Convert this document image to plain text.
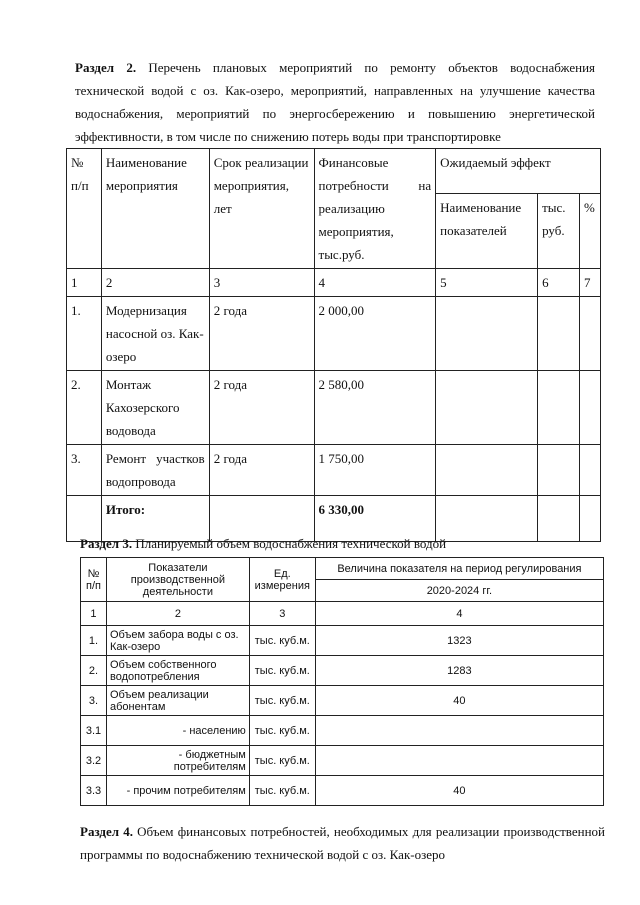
Раздел 2. Перечень плановых мероприятий по ремонту объектов водоснабжения технической водой с оз. Как-озеро, мероприятий, направленных на улучшение качества водоснабжения, мероприятий по энергосбережению и повышению энергетической эффективности, в том числе по снижению потерь воды при транспортировке
№ п/п	Наименование мероприятия	Срок реализации мероприятия, лет	Финансовые потребности на реализацию мероприятия, тыс.руб.	Ожидаемый эффект		
				Наименование показателей	тыс. руб.	%
1	2	3	4	5	6	7
1.	Модернизация насосной оз. Как-озеро	2 года	2 000,00			
2.	Монтаж Кахозерского водовода	2 года	2 580,00			
3.	Ремонт участков водопровода	2 года	1 750,00			
	Итого:		6 330,00			
Раздел 3. Планируемый объем водоснабжения технической водой
№ п/п	Показатели производственной деятельности	Ед. измерения	Величина показателя на период регулирования
			2020-2024 гг.
1	2	3	4
1.	Объем забора воды с оз. Как-озеро	тыс. куб.м.	1323
2.	Объем собственного водопотребления	тыс. куб.м.	1283
3.	Объем реализации абонентам	тыс. куб.м.	40
3.1	- населению	тыс. куб.м.	
3.2	- бюджетным потребителям	тыс. куб.м.	
3.3	- прочим потребителям	тыс. куб.м.	40
Раздел 4. Объем финансовых потребностей, необходимых для реализации производственной программы по водоснабжению технической водой с оз. Как-озеро
